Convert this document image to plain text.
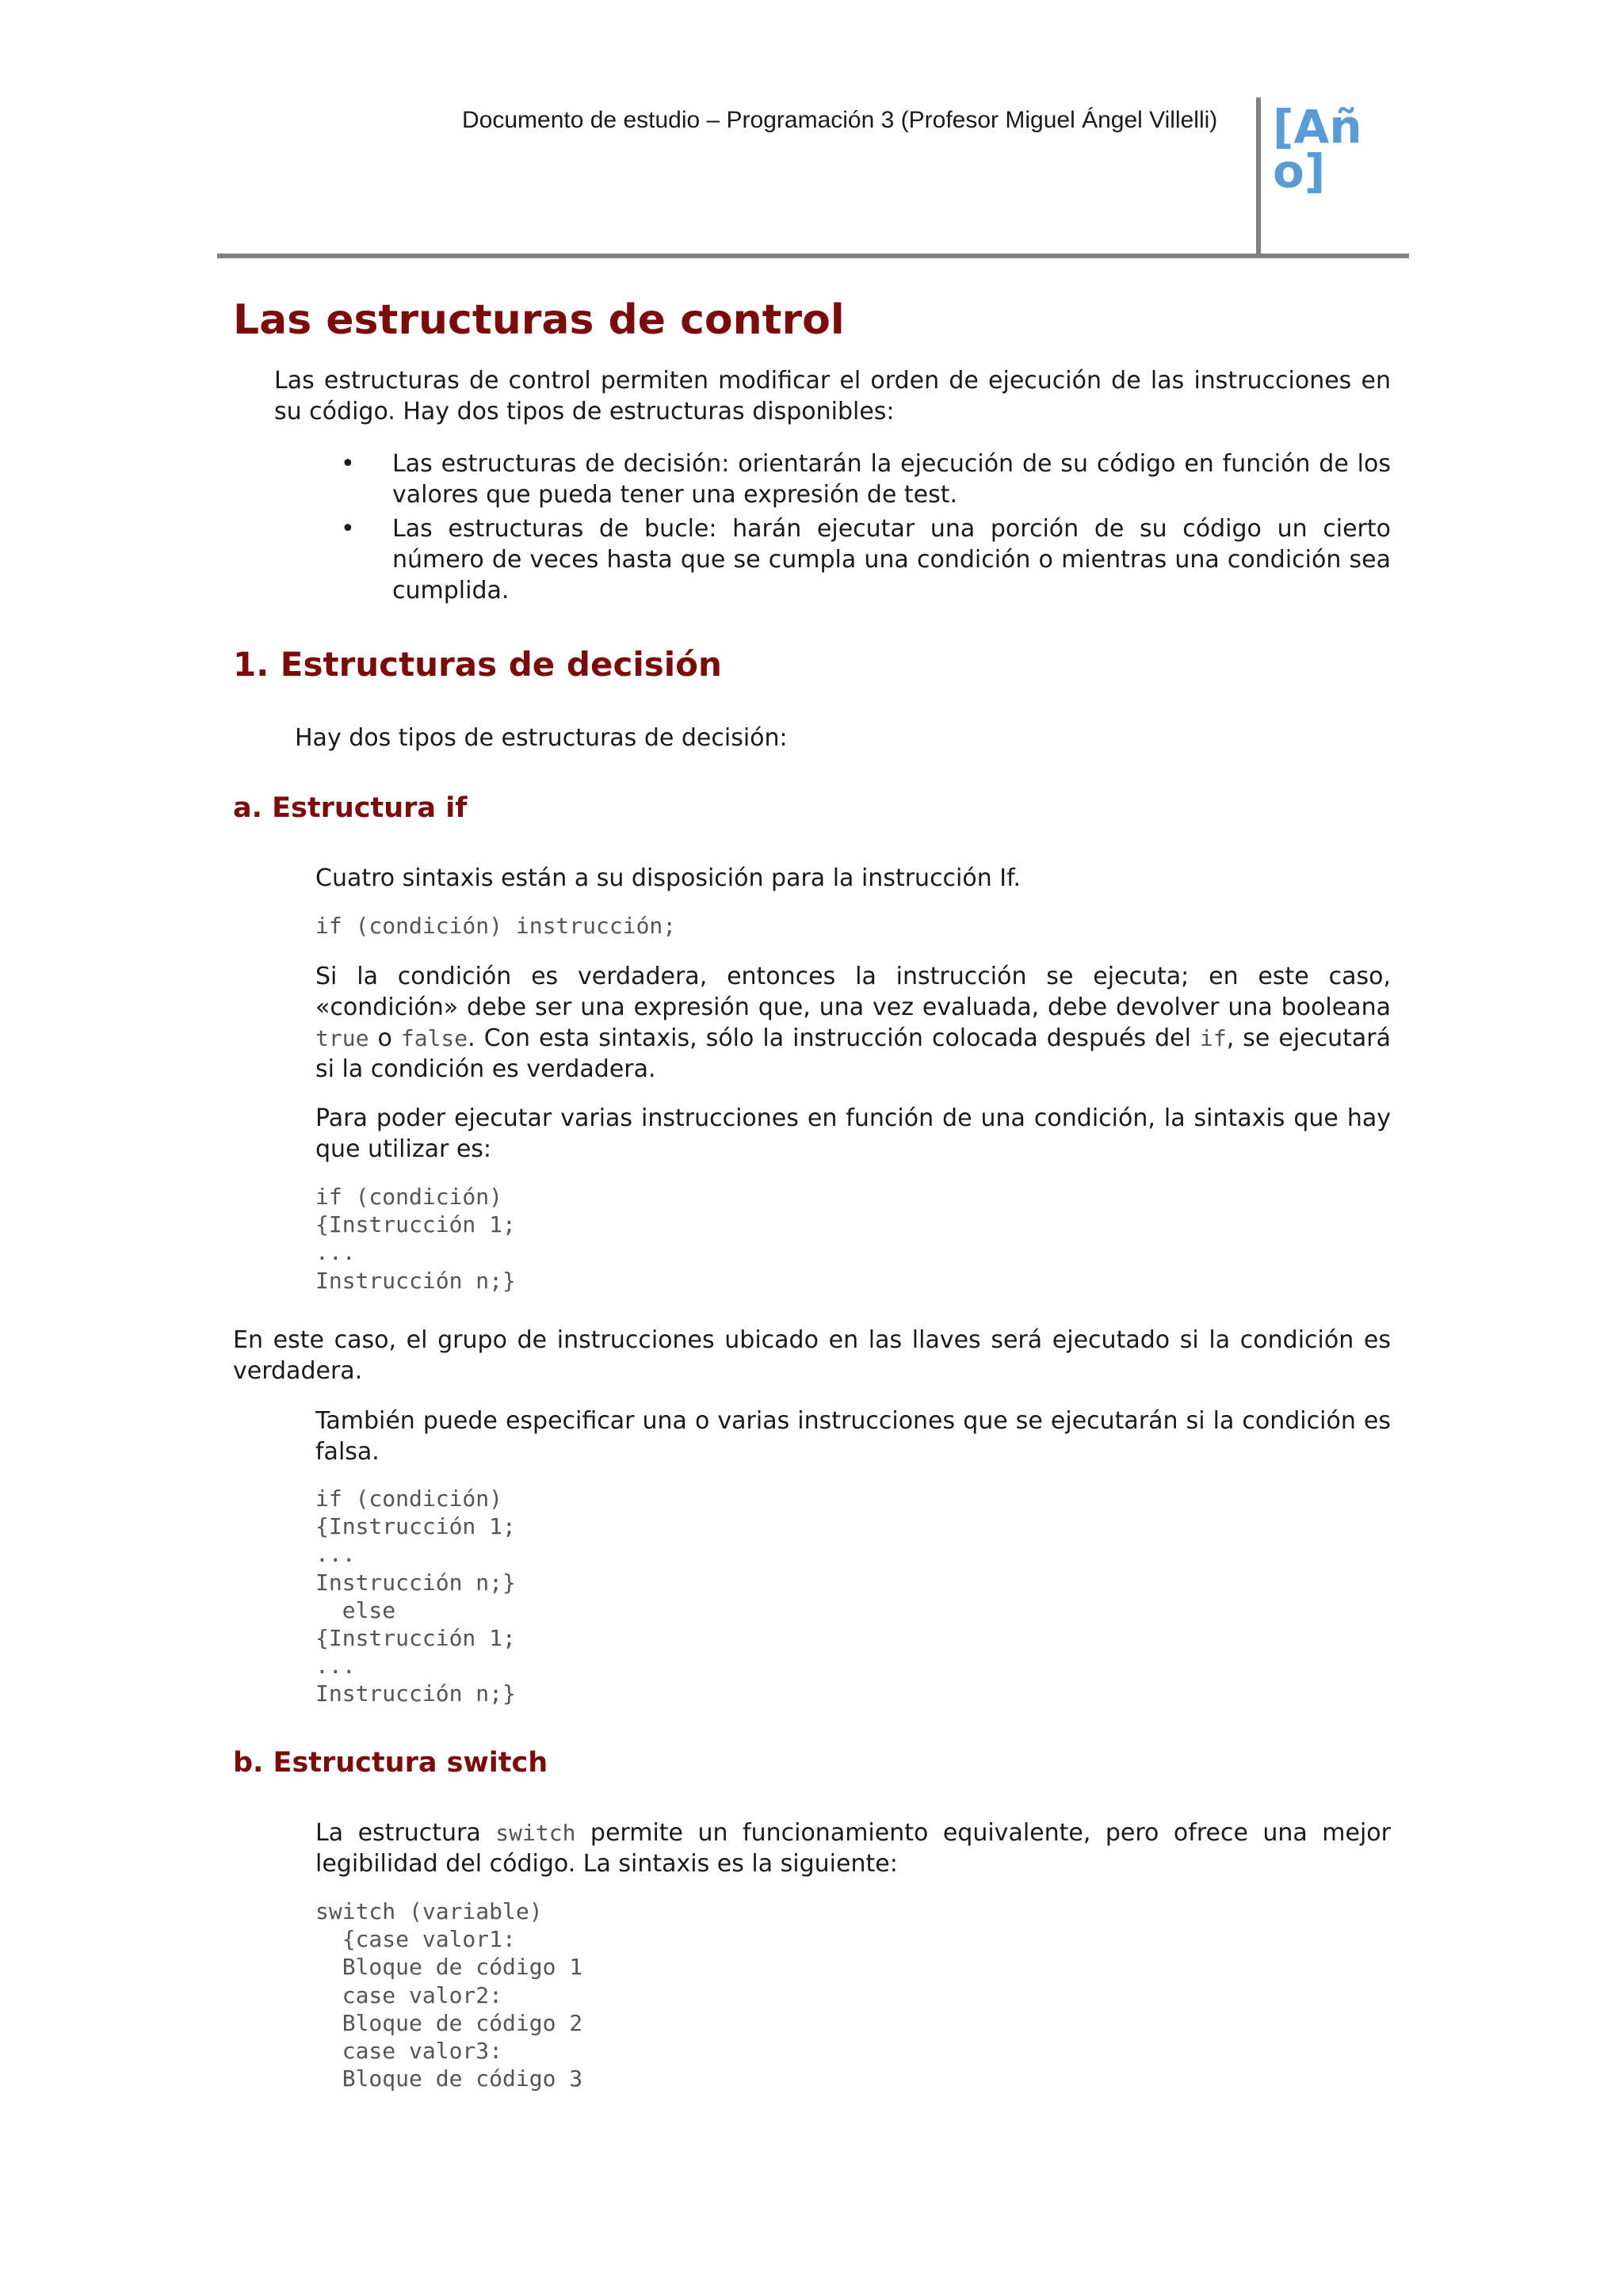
Documento de estudio – Programación 3 (Profesor Miguel Ángel Villelli) [Año]
Las estructuras de control
Las estructuras de control permiten modificar el orden de ejecución de las instrucciones en su código. Hay dos tipos de estructuras disponibles:
• Las estructuras de decisión: orientarán la ejecución de su código en función de los valores que pueda tener una expresión de test.
• Las estructuras de bucle: harán ejecutar una porción de su código un cierto número de veces hasta que se cumpla una condición o mientras una condición sea cumplida.
1. Estructuras de decisión
Hay dos tipos de estructuras de decisión:
a. Estructura if
Cuatro sintaxis están a su disposición para la instrucción If.
if (condición) instrucción;
Si la condición es verdadera, entonces la instrucción se ejecuta; en este caso, «condición» debe ser una expresión que, una vez evaluada, debe devolver una booleana true o false. Con esta sintaxis, sólo la instrucción colocada después del if, se ejecutará si la condición es verdadera.
Para poder ejecutar varias instrucciones en función de una condición, la sintaxis que hay que utilizar es:
if (condición)
{Instrucción 1;
...
Instrucción n;}
En este caso, el grupo de instrucciones ubicado en las llaves será ejecutado si la condición es verdadera.
También puede especificar una o varias instrucciones que se ejecutarán si la condición es falsa.
if (condición)
{Instrucción 1;
...
Instrucción n;}
else
{Instrucción 1;
...
Instrucción n;}
b. Estructura switch
La estructura switch permite un funcionamiento equivalente, pero ofrece una mejor legibilidad del código. La sintaxis es la siguiente:
switch (variable)
{case valor1:
Bloque de código 1
case valor2:
Bloque de código 2
case valor3:
Bloque de código 3
